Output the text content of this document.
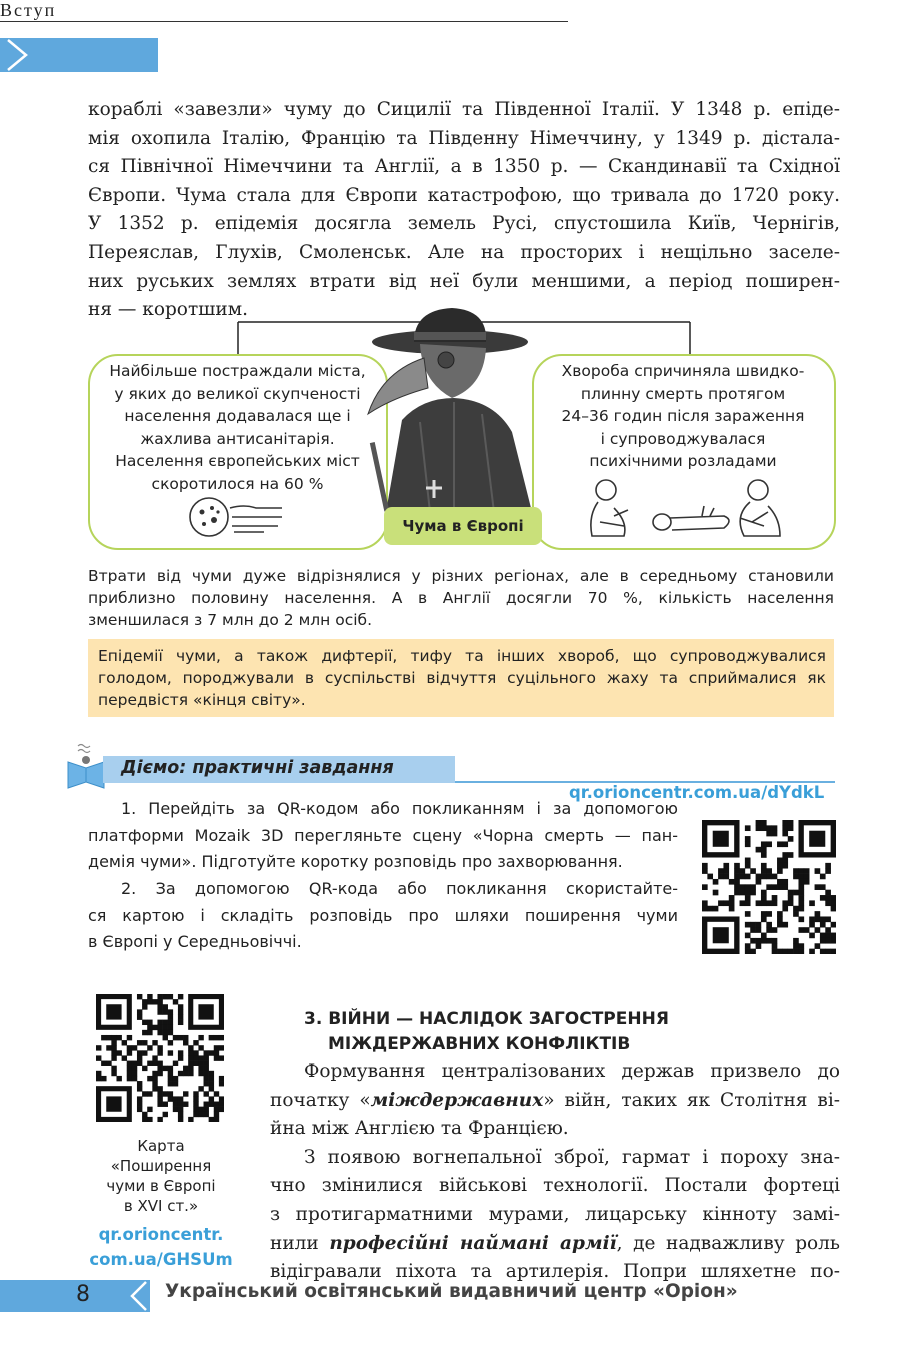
Вступ
кораблі «завезли» чуму до Сицилії та Південної Італії. У 1348 р. епіде-
мія охопила Італію, Францію та Південну Німеччину, у 1349 р. дістала-
ся Північної Німеччини та Англії, а в 1350 р. — Скандинавії та Східної
Європи. Чума стала для Європи катастрофою, що тривала до 1720 року.
У 1352 р. епідемія досягла земель Русі, спустошила Київ, Чернігів,
Переяслав, Глухів, Смоленськ. Але на просторих і нещільно заселе-
них руських землях втрати від неї були меншими, а період поширен-
ня — коротшим.
Найбільше постраждали міста,
у яких до великої скупченості
населення додавалася ще і
жахлива антисанітарія.
Населення європейських міст
скоротилося на 60 %
Хвороба спричиняла швидко-
плинну смерть протягом
24–36 годин після зараження
і супроводжувалася
психічними розладами
Чума в Європі
Втрати від чуми дуже відрізнялися у різних регіонах, але в середньому становили
приблизно половину населення. А в Англії досягли 70 %, кількість населення
зменшилася з 7 млн до 2 млн осіб.
Епідемії чуми, а також дифтерії, тифу та інших хвороб, що супроводжувалися
голодом, породжували в суспільстві відчуття суцільного жаху та сприймалися як
передвістя «кінця світу».
Діємо: практичні завдання
qr.orioncentr.com.ua/dYdkL
1. Перейдіть за QR-кодом або покликанням і за допомогою
платформи Mozaik 3D перегляньте сцену «Чорна смерть — пан-
демія чуми». Підготуйте коротку розповідь про захворювання.
2. За допомогою QR-кода або покликання скористайте-
ся картою і складіть розповідь про шляхи поширення чуми
в Європі у Середньовіччі.
Карта
«Поширення
чуми в Європі
в XVI ст.»
qr.orioncentr.
com.ua/GHSUm
3. ВІЙНИ — НАСЛІДОК ЗАГОСТРЕННЯ
МІЖДЕРЖАВНИХ КОНФЛІКТІВ
Формування централізованих держав призвело до
початку «міждержавних» війн, таких як Столітня ві-
йна між Англією та Францією.
З появою вогнепальної зброї, гармат і пороху зна-
чно змінилися військові технології. Постали фортеці
з протигарматними мурами, лицарську кінноту замі-
нили професійні наймані армії, де надважливу роль
відігравали піхота та артилерія. Попри шляхетне по-
8	Український освітянський видавничий центр «Оріон»
